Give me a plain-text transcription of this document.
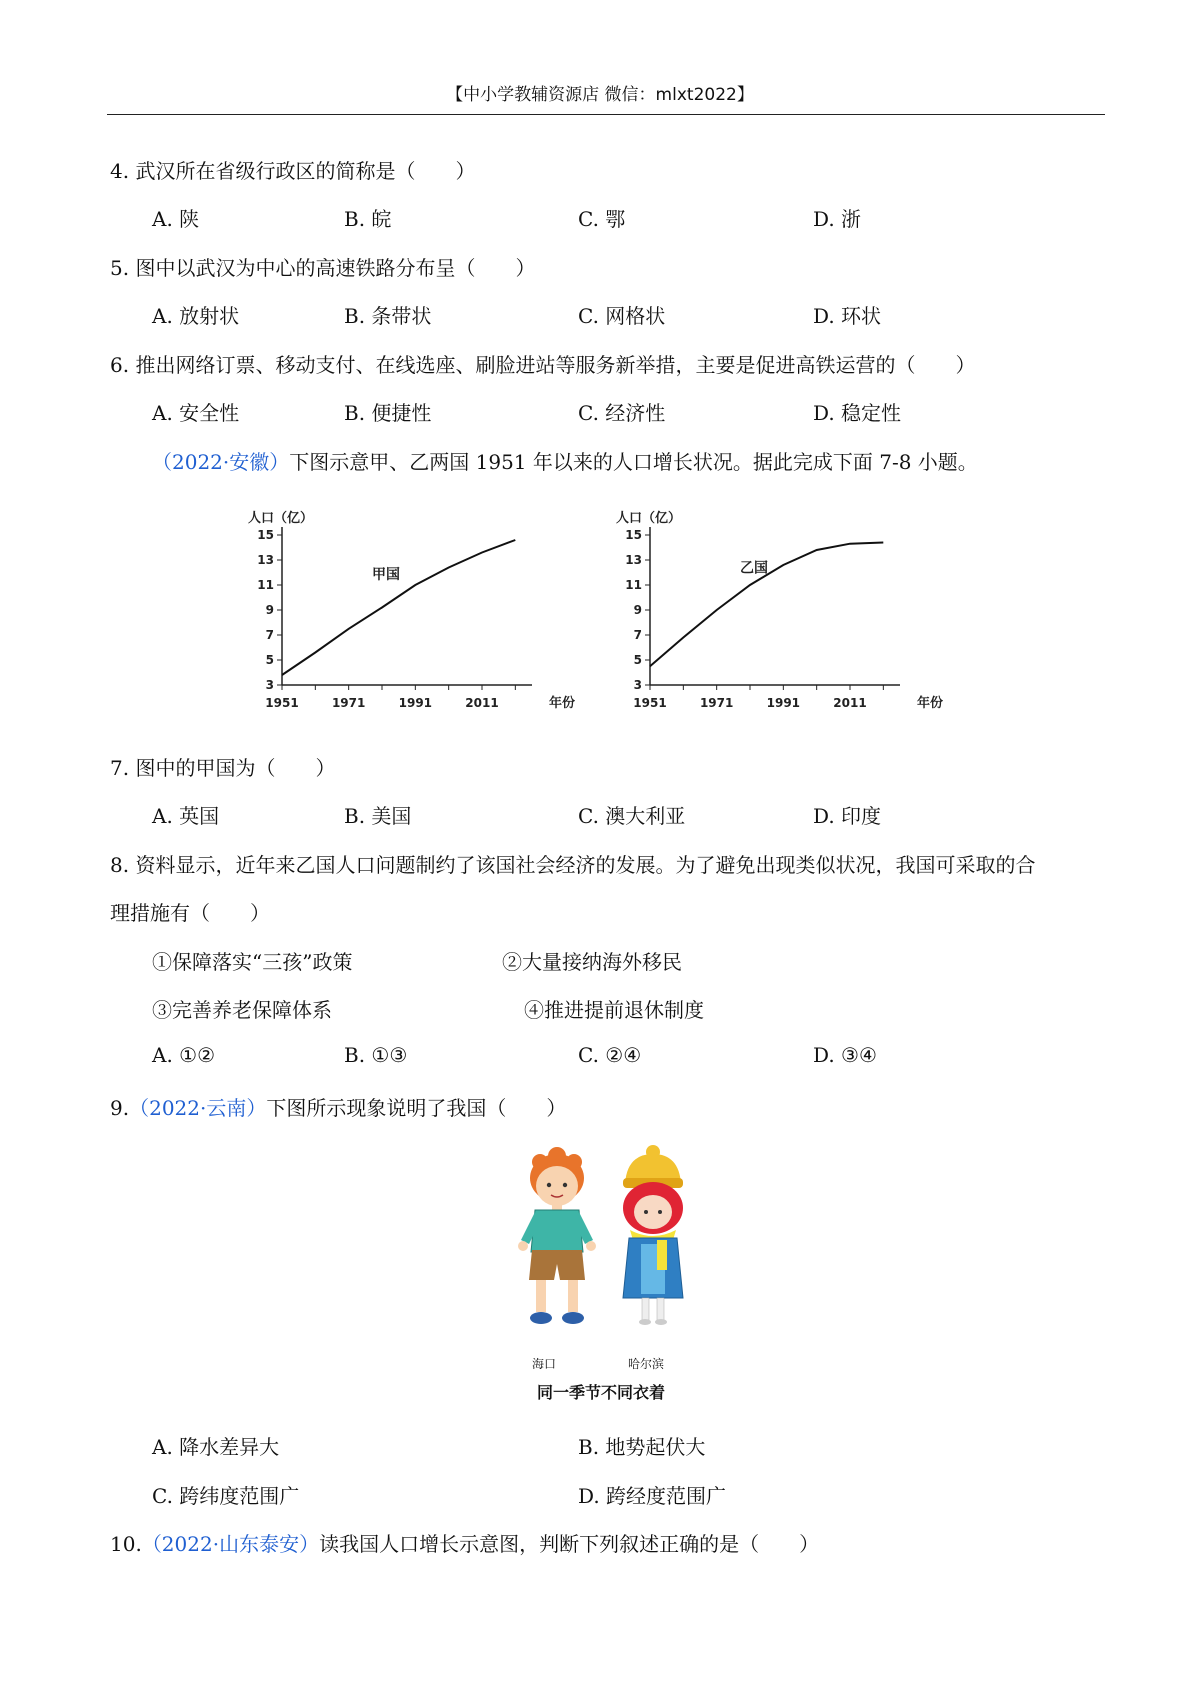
【中小学教辅资源店 微信：mlxt2022】
4. 武汉所在省级行政区的简称是（　　）
A. 陕	B. 皖	C. 鄂	D. 浙
5. 图中以武汉为中心的高速铁路分布呈（　　）
A. 放射状	B. 条带状	C. 网格状	D. 环状
6. 推出网络订票、移动支付、在线选座、刷脸进站等服务新举措，主要是促进高铁运营的（　　）
A. 安全性	B. 便捷性	C. 经济性	D. 稳定性
（2022·安徽）下图示意甲、乙两国 1951 年以来的人口增长状况。据此完成下面 7-8 小题。
人口（亿）
3
5
7
9
11
13
15
1951	1971	1991	2011	年份
甲国
人口（亿）
3
5
7
9
11
13
15
1951	1971	1991	2011	年份
乙国
7. 图中的甲国为（　　）
A. 英国	B. 美国	C. 澳大利亚	D. 印度
8. 资料显示，近年来乙国人口问题制约了该国社会经济的发展。为了避免出现类似状况，我国可采取的合
理措施有（　　）
①保障落实“三孩”政策	②大量接纳海外移民
③完善养老保障体系	④推进提前退休制度
A. ①②	B. ①③	C. ②④	D. ③④
9.（2022·云南）下图所示现象说明了我国（　　）
海口	哈尔滨
同一季节不同衣着
A. 降水差异大	B. 地势起伏大
C. 跨纬度范围广	D. 跨经度范围广
10.（2022·山东泰安）读我国人口增长示意图，判断下列叙述正确的是（　　）
